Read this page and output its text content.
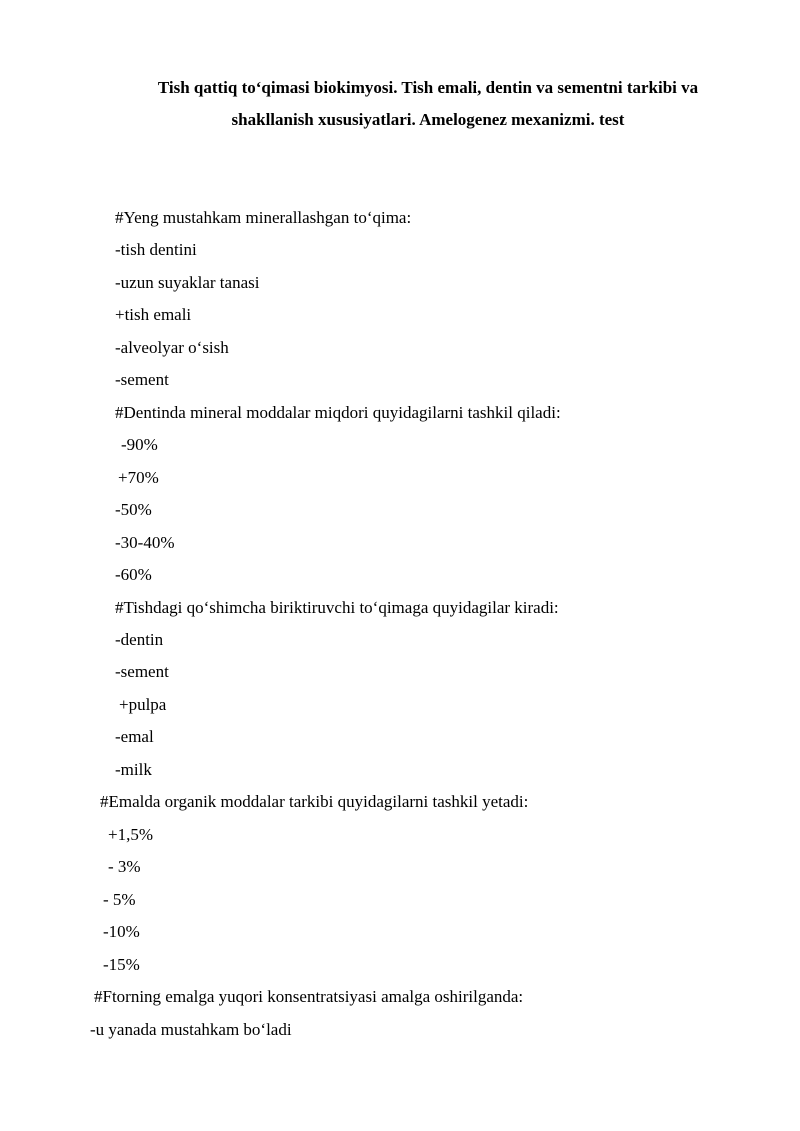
Tish qattiq to‘qimasi biokimyosi. Tish emali, dentin va sementni tarkibi va
shakllanish xususiyatlari. Amelogenez mexanizmi. test
#Yeng mustahkam minerallashgan to‘qima:
-tish dentini
-uzun suyaklar tanasi
+tish emali
-alveolyar o‘sish
-sement
#Dentinda mineral moddalar miqdori quyidagilarni tashkil qiladi:
-90%
+70%
-50%
-30-40%
-60%
#Tishdagi qo‘shimcha biriktiruvchi to‘qimaga quyidagilar kiradi:
-dentin
-sement
+pulpa
-emal
-milk
#Emalda organik moddalar tarkibi quyidagilarni tashkil yetadi:
+1,5%
- 3%
- 5%
-10%
-15%
#Ftorning emalga yuqori konsentratsiyasi amalga oshirilganda:
-u yanada mustahkam bo‘ladi
